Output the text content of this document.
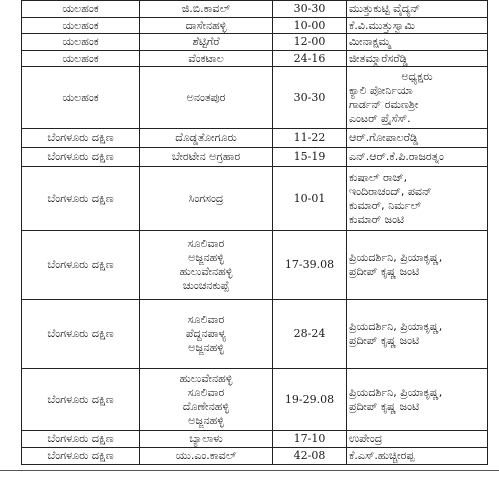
ಯಲಹಂಕ	ಜಿ.ಬಿ.ಕಾವಲ್	30-30	ಮುತ್ತುಕುಟ್ಟಿ ವೈದ್ಯನ್

ಯಲಹಂಕ	ದಾಸೇನಹಳ್ಳಿ	10-00	ಕೆ.ವಿ.ಮುತ್ತುಸ್ವಾಮಿ

ಯಲಹಂಕ	ಶೆಟ್ಟಿಗೆರೆ	12-00	ಮೀನಾಕ್ಷಮ್ಮ

ಯಲಹಂಕ	ವೆಂಕಟಾಲ	24-16	ಜೀತಮ್ಮಾರೆಸರೆಡ್ಡಿ

ಯಲಹಂಕ	ಅನಂತಪುರ	30-30	ಅಧ್ಯಕ್ಷರು
ಕ್ಯಾಲಿ ಪೋರ್ನಿಯಾ
ಗಾರ್ಡನ್ ರಮಣಶ್ರೀ
ಎಂಟರ್ ಪ್ರೈಸೆಸ್.

ಬೆಂಗಳೂರು ದಕ್ಷಿಣ	ದೊಡ್ಡತೋಗೂರು	11-22	ಆರ್.ಗೋಪಾಲರೆಡ್ಡಿ

ಬೆಂಗಳೂರು ದಕ್ಷಿಣ	ಬೇರಟೇನ ಅಗ್ರಹಾರ	15-19	ಎನ್.ಆರ್.ಕೆ.ಪಿ.ರಾಜರತ್ನಂ

ಬೆಂಗಳೂರು ದಕ್ಷಿಣ	ಸಿಂಗಸಂದ್ರ	10-01	ಕುಷಾಲ್ ರಾಜ್,
ಇಂದಿರಾಚಂದ್, ಪವನ್
ಕುಮಾರ್, ನಿರ್ಮಲ್
ಕುಮಾರ್ ಜಂಟಿ

ಬೆಂಗಳೂರು ದಕ್ಷಿಣ	ಸೂಲಿವಾರ
ಅಜ್ಜನಹಳ್ಳಿ
ಹುಲುವೇನಹಳ್ಳಿ
ಚುಂಚನಕುಪ್ಪೆ	17-39.08	ಪ್ರಿಯದರ್ಶಿನಿ, ಪ್ರಿಯಾಕೃಷ್ಣ,
ಪ್ರದೀಪ್ ಕೃಷ್ಣ ಜಂಟಿ

ಬೆಂಗಳೂರು ದಕ್ಷಿಣ	ಸೂಲಿವಾರ
ಪೆದ್ದನಪಾಳ್ಯ
ಅಜ್ಜನಹಳ್ಳಿ	28-24	ಪ್ರಿಯದರ್ಶಿನಿ, ಪ್ರಿಯಾಕೃಷ್ಣ,
ಪ್ರದೀಪ್ ಕೃಷ್ಣ ಜಂಟಿ

ಬೆಂಗಳೂರು ದಕ್ಷಿಣ	ಹುಲುವೇನಹಳ್ಳಿ
ಸೂಲಿವಾರ
ದೊಣೇನಹಳ್ಳಿ
ಅಜ್ಜನಹಳ್ಳಿ	19-29.08	ಪ್ರಿಯದರ್ಶಿನಿ, ಪ್ರಿಯಾಕೃಷ್ಣ,
ಪ್ರದೀಪ್ ಕೃಷ್ಣ ಜಂಟಿ

ಬೆಂಗಳೂರು ದಕ್ಷಿಣ	ಬ್ಯಾಲಾಳು	17-10	ಉಪೇಂದ್ರ

ಬೆಂಗಳೂರು ದಕ್ಷಿಣ	ಯು.ಎಂ.ಕಾವಲ್	42-08	ಕೆ.ಎಸ್.ಹುಚ್ಚೀರಪ್ಪ
